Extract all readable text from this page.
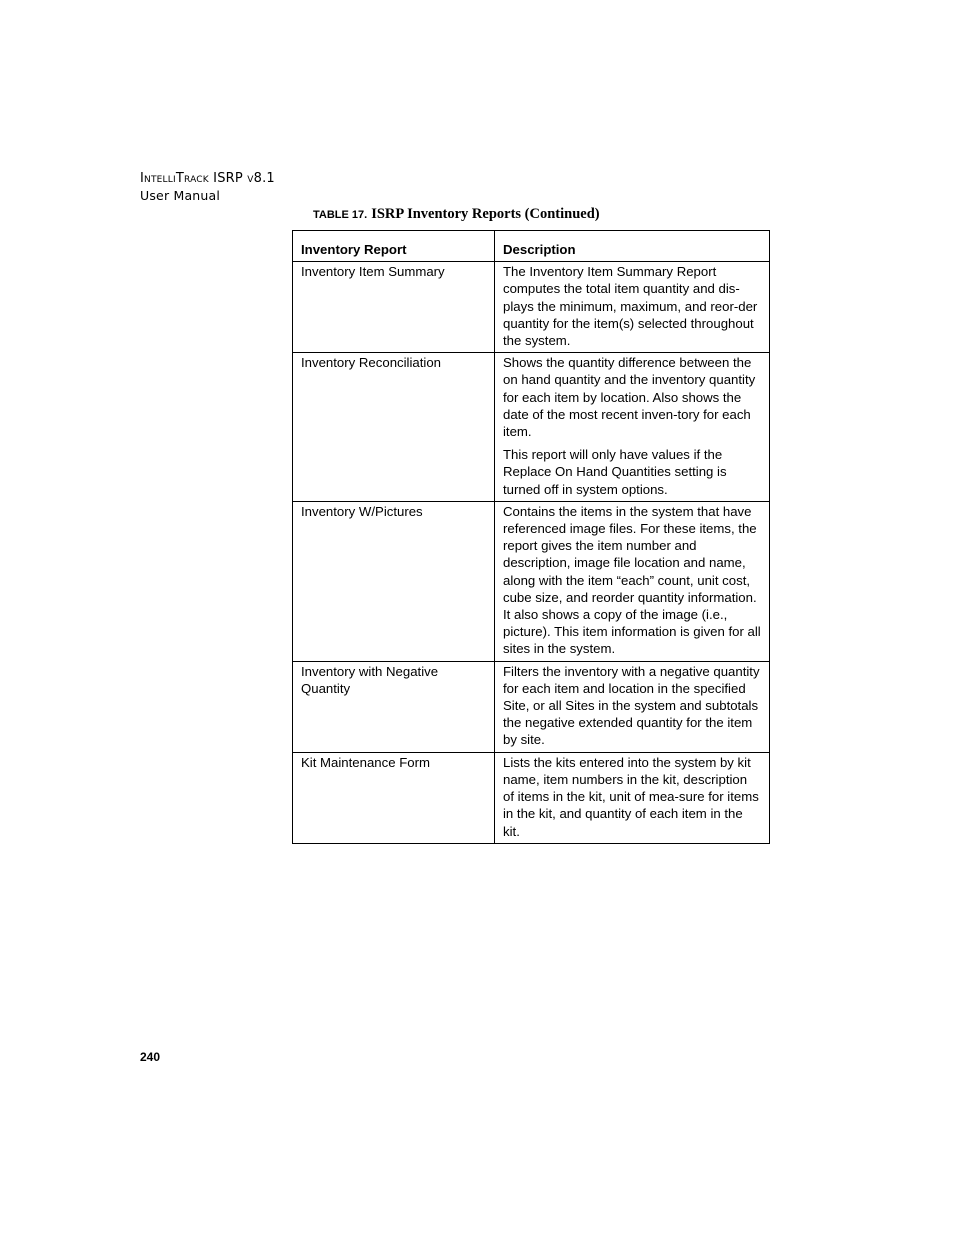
IntelliTrack ISRP v8.1
User Manual
TABLE 17. ISRP Inventory Reports (Continued)
Inventory Report	Description
Inventory Item Summary	The Inventory Item Summary Report computes the total item quantity and dis-plays the minimum, maximum, and reor-der quantity for the item(s) selected throughout the system.

Inventory Reconciliation	Shows the quantity difference between the on hand quantity and the inventory quantity for each item by location. Also shows the date of the most recent inven-tory for each item.

This report will only have values if the Replace On Hand Quantities setting is turned off in system options.

Inventory W/Pictures	Contains the items in the system that have referenced image files. For these items, the report gives the item number and description, image file location and name, along with the item “each” count, unit cost, cube size, and reorder quantity information. It also shows a copy of the image (i.e., picture). This item information is given for all sites in the system.

Inventory with Negative Quantity	Filters the inventory with a negative quantity for each item and location in the specified Site, or all Sites in the system and subtotals the negative extended quantity for the item by site.

Kit Maintenance Form	Lists the kits entered into the system by kit name, item numbers in the kit, description of items in the kit, unit of mea-sure for items in the kit, and quantity of each item in the kit.

240
